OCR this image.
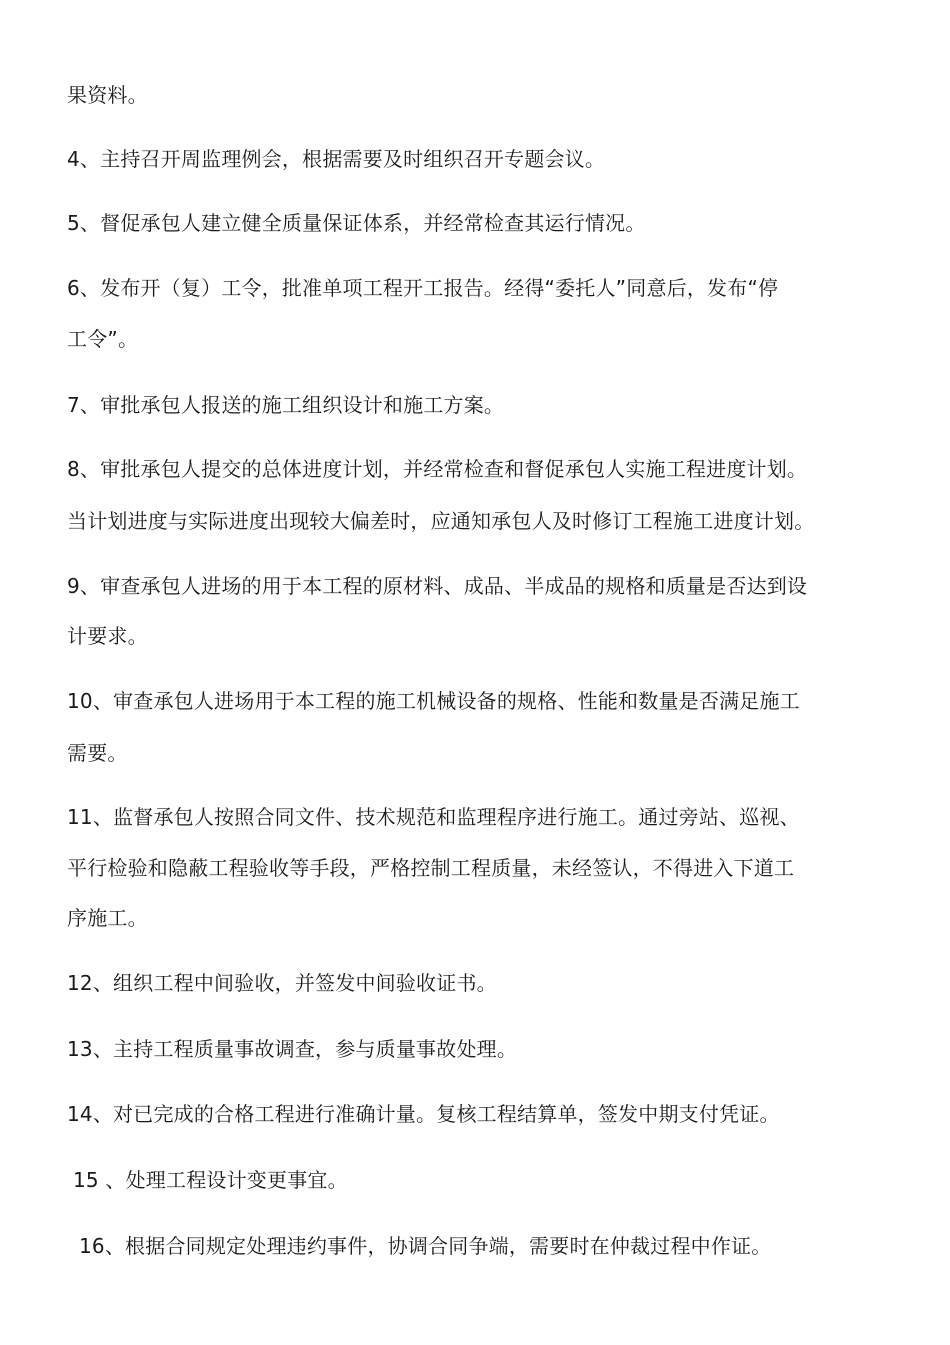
果资料。
4、主持召开周监理例会，根据需要及时组织召开专题会议。
5、督促承包人建立健全质量保证体系，并经常检查其运行情况。
6、发布开（复）工令，批准单项工程开工报告。经得“委托人”同意后，发布“停
工令”。
7、审批承包人报送的施工组织设计和施工方案。
8、审批承包人提交的总体进度计划，并经常检查和督促承包人实施工程进度计划。
当计划进度与实际进度出现较大偏差时，应通知承包人及时修订工程施工进度计划。
9、审查承包人进场的用于本工程的原材料、成品、半成品的规格和质量是否达到设
计要求。
10、审查承包人进场用于本工程的施工机械设备的规格、性能和数量是否满足施工
需要。
11、监督承包人按照合同文件、技术规范和监理程序进行施工。通过旁站、巡视、
平行检验和隐蔽工程验收等手段，严格控制工程质量，未经签认，不得进入下道工
序施工。
12、组织工程中间验收，并签发中间验收证书。
13、主持工程质量事故调查，参与质量事故处理。
14、对已完成的合格工程进行准确计量。复核工程结算单，签发中期支付凭证。
15 、处理工程设计变更事宜。
16、根据合同规定处理违约事件，协调合同争端，需要时在仲裁过程中作证。
